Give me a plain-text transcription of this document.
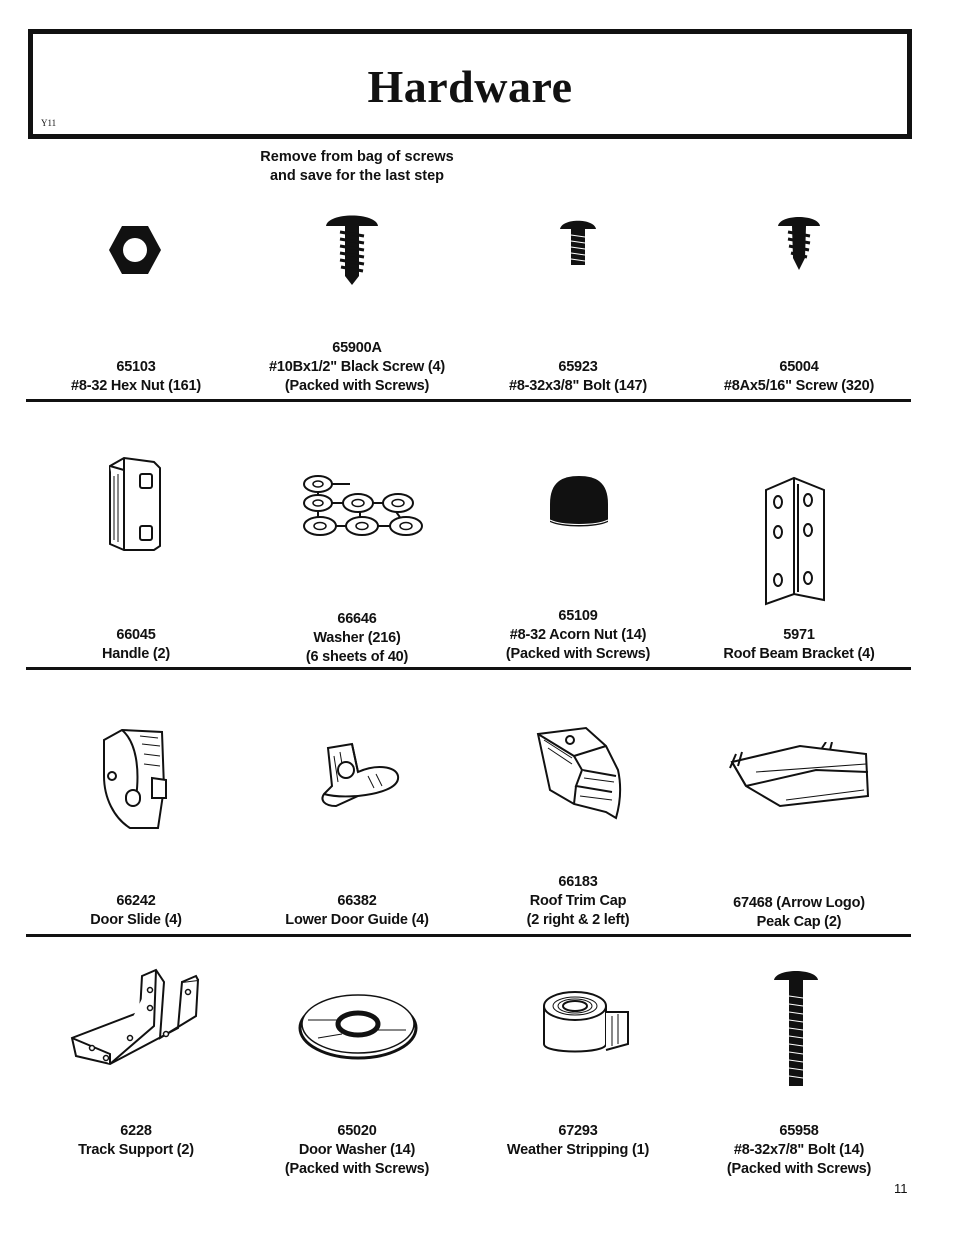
Hardware
Y11
Remove from bag of screws
and save for the last step
65103
#8-32 Hex Nut (161)
65900A
#10Bx1/2" Black Screw (4)
(Packed with Screws)
65923
#8-32x3/8" Bolt (147)
65004
#8Ax5/16" Screw (320)
66045
Handle (2)
66646
Washer (216)
(6 sheets of 40)
65109
#8-32 Acorn Nut (14)
(Packed with Screws)
5971
Roof Beam Bracket (4)
66242
Door Slide (4)
66382
Lower Door Guide (4)
66183
Roof Trim Cap
(2 right & 2 left)
67468 (Arrow Logo)
Peak Cap (2)
6228
Track Support (2)
65020
Door Washer (14)
(Packed with Screws)
67293
Weather Stripping (1)
65958
#8-32x7/8" Bolt (14)
(Packed with Screws)
11
